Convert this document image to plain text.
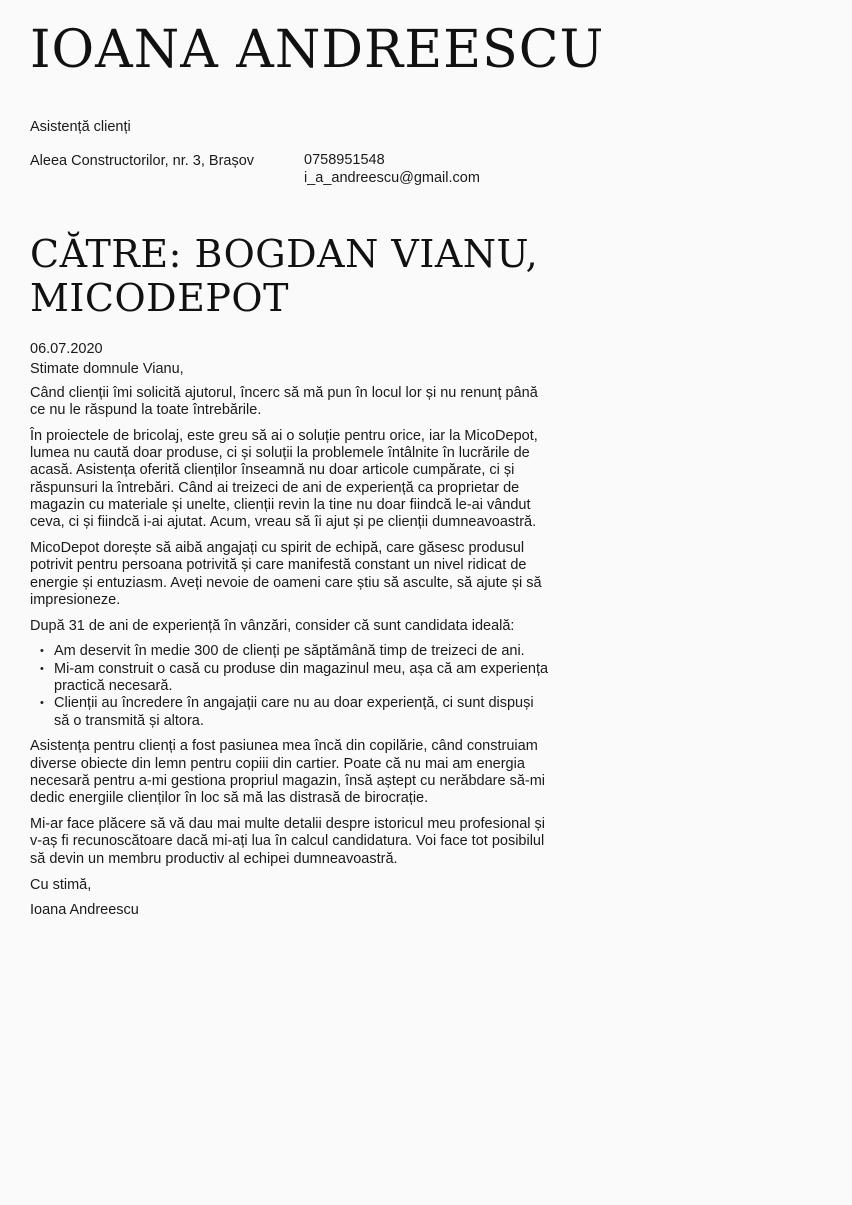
IOANA ANDREESCU
Asistență clienți
Aleea Constructorilor, nr. 3, Brașov	0758951548
i_a_andreescu@gmail.com
CĂTRE: BOGDAN VIANU,
MICODEPOT

06.07.2020

Stimate domnule Vianu,

Când clienții îmi solicită ajutorul, încerc să mă pun în locul lor și nu renunț până ce nu le răspund la toate întrebările.

În proiectele de bricolaj, este greu să ai o soluție pentru orice, iar la MicoDepot, lumea nu caută doar produse, ci și soluții la problemele întâlnite în lucrările de acasă. Asistența oferită clienților înseamnă nu doar articole cumpărate, ci și răspunsuri la întrebări. Când ai treizeci de ani de experiență ca proprietar de magazin cu materiale și unelte, clienții revin la tine nu doar fiindcă le-ai vândut ceva, ci și fiindcă i-ai ajutat. Acum, vreau să îi ajut și pe clienții dumneavoastră.

MicoDepot dorește să aibă angajați cu spirit de echipă, care găsesc produsul potrivit pentru persoana potrivită și care manifestă constant un nivel ridicat de energie și entuziasm. Aveți nevoie de oameni care știu să asculte, să ajute și să impresioneze.

După 31 de ani de experiență în vânzări, consider că sunt candidata ideală:

• Am deservit în medie 300 de clienți pe săptămână timp de treizeci de ani.
• Mi-am construit o casă cu produse din magazinul meu, așa că am experiența practică necesară.
• Clienții au încredere în angajații care nu au doar experiență, ci sunt dispuși să o transmită și altora.

Asistența pentru clienți a fost pasiunea mea încă din copilărie, când construiam diverse obiecte din lemn pentru copiii din cartier. Poate că nu mai am energia necesară pentru a-mi gestiona propriul magazin, însă aștept cu nerăbdare să-mi dedic energiile clienților în loc să mă las distrasă de birocrație.

Mi-ar face plăcere să vă dau mai multe detalii despre istoricul meu profesional și v-aș fi recunoscătoare dacă mi-ați lua în calcul candidatura. Voi face tot posibilul să devin un membru productiv al echipei dumneavoastră.

Cu stimă,

Ioana Andreescu
